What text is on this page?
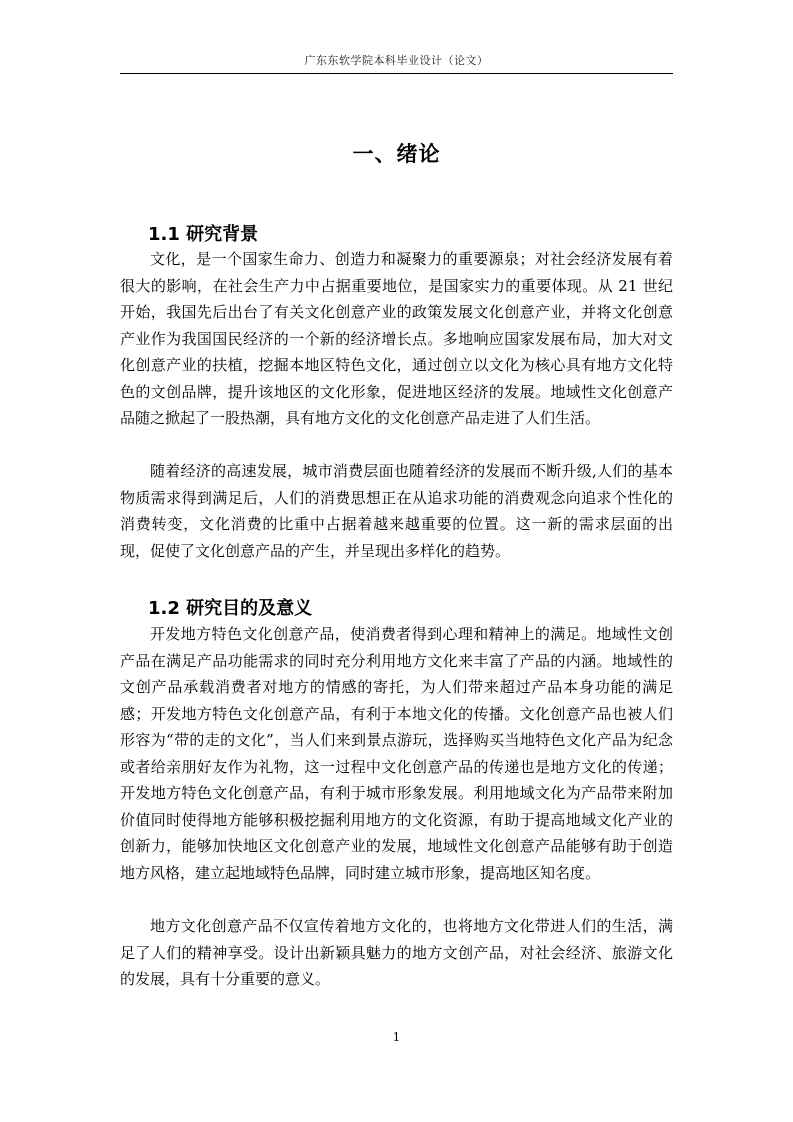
广东东软学院本科毕业设计（论文）
一、绪论
1.1 研究背景

文化，是一个国家生命力、创造力和凝聚力的重要源泉；对社会经济发展有着很大的影响，在社会生产力中占据重要地位，是国家实力的重要体现。从 21 世纪开始，我国先后出台了有关文化创意产业的政策发展文化创意产业，并将文化创意产业作为我国国民经济的一个新的经济增长点。多地响应国家发展布局，加大对文化创意产业的扶植，挖掘本地区特色文化，通过创立以文化为核心具有地方文化特色的文创品牌，提升该地区的文化形象，促进地区经济的发展。地域性文化创意产品随之掀起了一股热潮，具有地方文化的文化创意产品走进了人们生活。

随着经济的高速发展，城市消费层面也随着经济的发展而不断升级,人们的基本物质需求得到满足后，人们的消费思想正在从追求功能的消费观念向追求个性化的消费转变，文化消费的比重中占据着越来越重要的位置。这一新的需求层面的出现，促使了文化创意产品的产生，并呈现出多样化的趋势。

1.2 研究目的及意义

开发地方特色文化创意产品，使消费者得到心理和精神上的满足。地域性文创产品在满足产品功能需求的同时充分利用地方文化来丰富了产品的内涵。地域性的文创产品承载消费者对地方的情感的寄托，为人们带来超过产品本身功能的满足感；开发地方特色文化创意产品，有利于本地文化的传播。文化创意产品也被人们形容为“带的走的文化”，当人们来到景点游玩，选择购买当地特色文化产品为纪念或者给亲朋好友作为礼物，这一过程中文化创意产品的传递也是地方文化的传递；开发地方特色文化创意产品，有利于城市形象发展。利用地域文化为产品带来附加价值同时使得地方能够积极挖掘利用地方的文化资源，有助于提高地域文化产业的创新力，能够加快地区文化创意产业的发展，地域性文化创意产品能够有助于创造地方风格，建立起地域特色品牌，同时建立城市形象，提高地区知名度。

地方文化创意产品不仅宣传着地方文化的，也将地方文化带进人们的生活，满足了人们的精神享受。设计出新颖具魅力的地方文创产品，对社会经济、旅游文化的发展，具有十分重要的意义。

1
